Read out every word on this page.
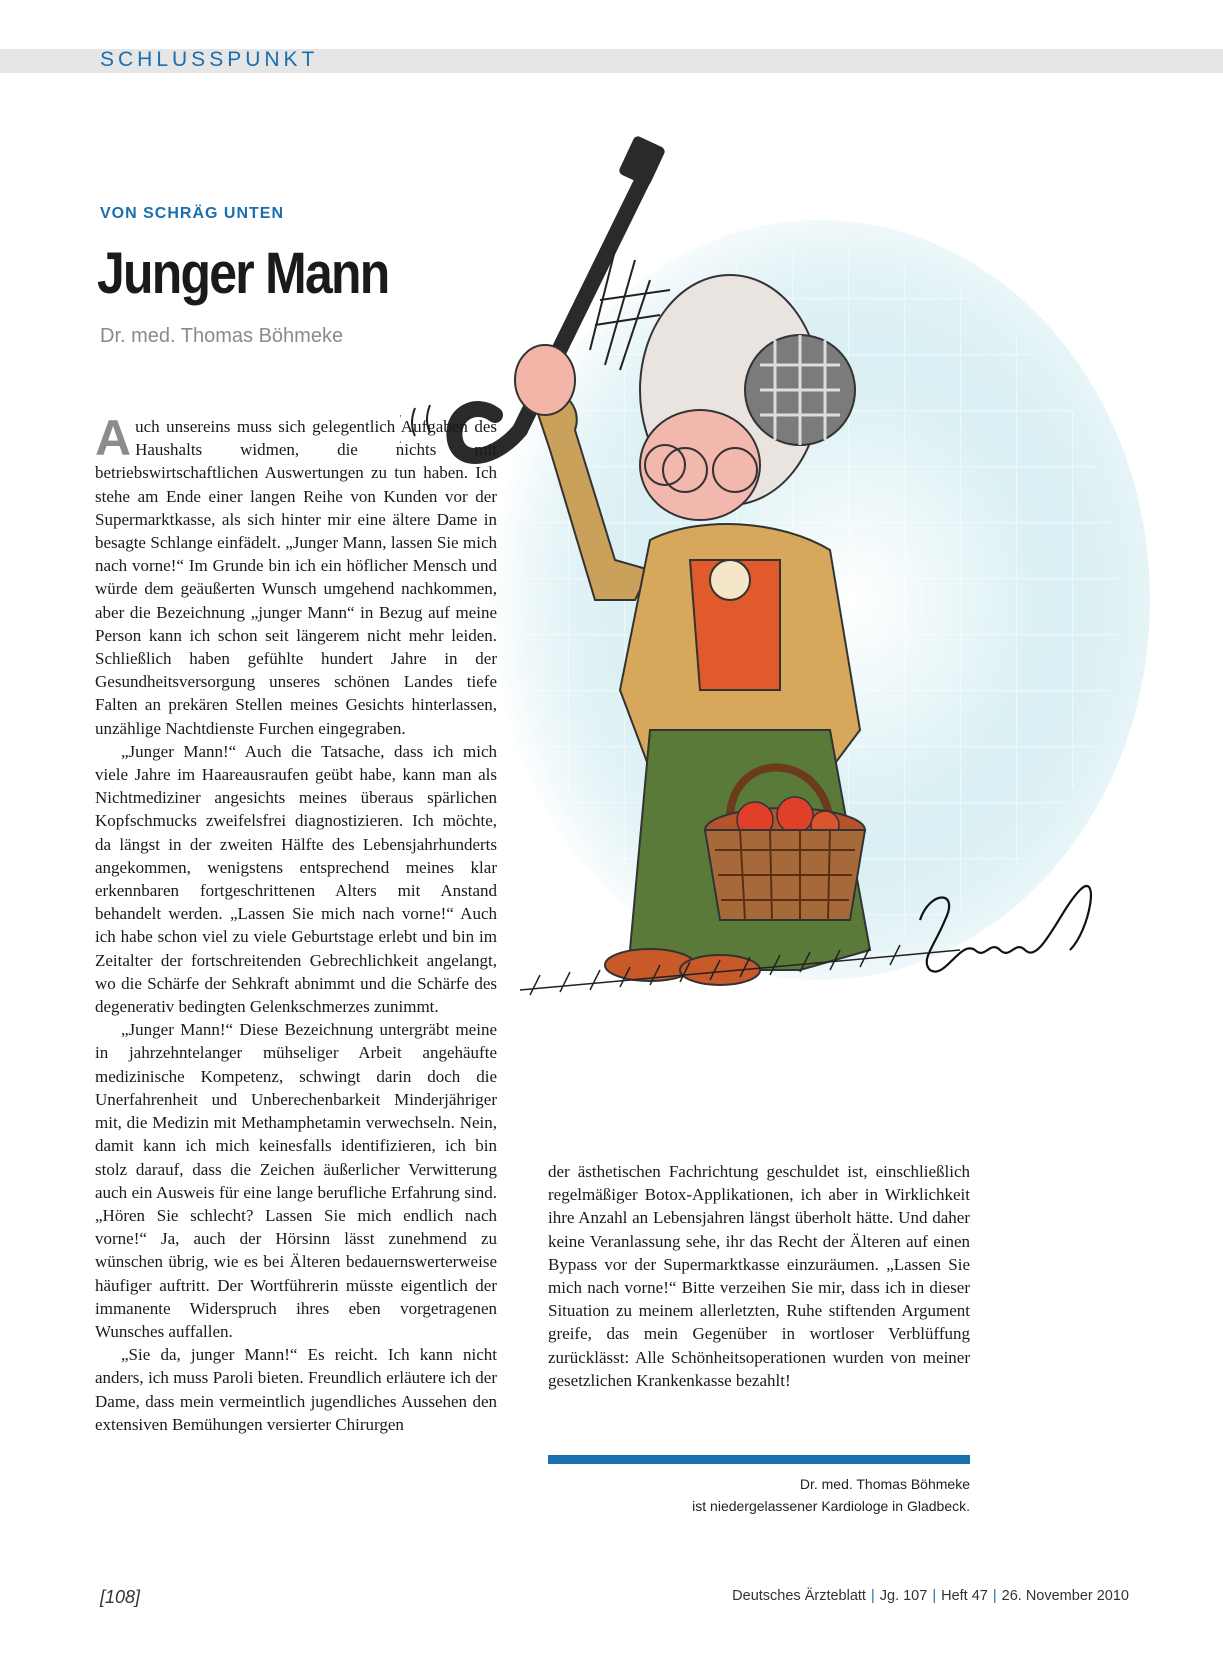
SCHLUSSPUNKT
VON SCHRÄG UNTEN
Junger Mann
Dr. med. Thomas Böhmeke

Auch unsereins muss sich gelegentlich Aufgaben des Haushalts widmen, die nichts mit betriebswirtschaftlichen Auswertungen zu tun haben. Ich stehe am Ende einer langen Reihe von Kunden vor der Supermarktkasse, als sich hinter mir eine ältere Dame in besagte Schlange einfädelt. „Junger Mann, lassen Sie mich nach vorne!“ Im Grunde bin ich ein höflicher Mensch und würde dem geäußerten Wunsch umgehend nachkommen, aber die Bezeichnung „junger Mann“ in Bezug auf meine Person kann ich schon seit längerem nicht mehr leiden. Schließlich haben gefühlte hundert Jahre in der Gesundheitsversorgung unseres schönen Landes tiefe Falten an prekären Stellen meines Gesichts hinterlassen, unzählige Nachtdienste Furchen eingegraben.

„Junger Mann!“ Auch die Tatsache, dass ich mich viele Jahre im Haareausraufen geübt habe, kann man als Nichtmediziner angesichts meines überaus spärlichen Kopfschmucks zweifelsfrei diagnostizieren. Ich möchte, da längst in der zweiten Hälfte des Lebensjahrhunderts angekommen, wenigstens entsprechend meines klar erkennbaren fortgeschrittenen Alters mit Anstand behandelt werden. „Lassen Sie mich nach vorne!“ Auch ich habe schon viel zu viele Geburtstage erlebt und bin im Zeitalter der fortschreitenden Gebrechlichkeit angelangt, wo die Schärfe der Sehkraft abnimmt und die Schärfe des degenerativ bedingten Gelenkschmerzes zunimmt.

„Junger Mann!“ Diese Bezeichnung untergräbt meine in jahrzehntelanger mühseliger Arbeit angehäufte medizinische Kompetenz, schwingt darin doch die Unerfahrenheit und Unberechenbarkeit Minderjähriger mit, die Medizin mit Methamphetamin verwechseln. Nein, damit kann ich mich keinesfalls identifizieren, ich bin stolz darauf, dass die Zeichen äußerlicher Verwitterung auch ein Ausweis für eine lange berufliche Erfahrung sind. „Hören Sie schlecht? Lassen Sie mich endlich nach vorne!“ Ja, auch der Hörsinn lässt zunehmend zu wünschen übrig, wie es bei Älteren bedauernswerterweise häufiger auftritt. Der Wortführerin müsste eigentlich der immanente Widerspruch ihres eben vorgetragenen Wunsches auffallen.

„Sie da, junger Mann!“ Es reicht. Ich kann nicht anders, ich muss Paroli bieten. Freundlich erläutere ich der Dame, dass mein vermeintlich jugendliches Aussehen den extensiven Bemühungen versierter Chirurgen

der ästhetischen Fachrichtung geschuldet ist, einschließlich regelmäßiger Botox-Applikationen, ich aber in Wirklichkeit ihre Anzahl an Lebensjahren längst überholt hätte. Und daher keine Veranlassung sehe, ihr das Recht der Älteren auf einen Bypass vor der Supermarktkasse einzuräumen. „Lassen Sie mich nach vorne!“ Bitte verzeihen Sie mir, dass ich in dieser Situation zu meinem allerletzten, Ruhe stiftenden Argument greife, das mein Gegenüber in wortloser Verblüffung zurücklässt: Alle Schönheitsoperationen wurden von meiner gesetzlichen Krankenkasse bezahlt!

Dr. med. Thomas Böhmeke
ist niedergelassener Kardiologe in Gladbeck.
[108]	Deutsches Ärzteblatt | Jg. 107 | Heft 47 | 26. November 2010
